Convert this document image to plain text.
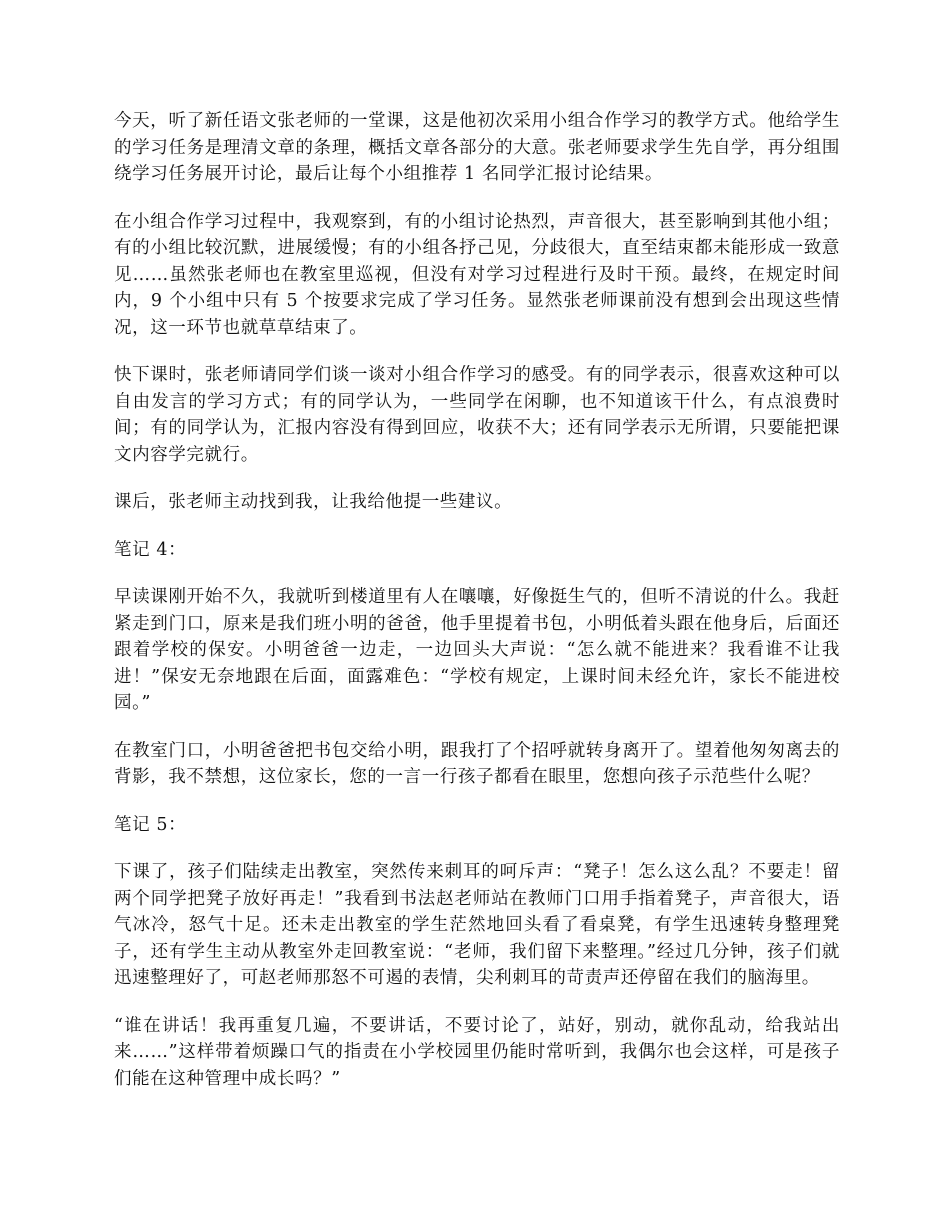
今天，听了新任语文张老师的一堂课，这是他初次采用小组合作学习的教学方式。他给学生的学习任务是理清文章的条理，概括文章各部分的大意。张老师要求学生先自学，再分组围绕学习任务展开讨论，最后让每个小组推荐 1 名同学汇报讨论结果。

在小组合作学习过程中，我观察到，有的小组讨论热烈，声音很大，甚至影响到其他小组；有的小组比较沉默，进展缓慢；有的小组各抒己见，分歧很大，直至结束都未能形成一致意见……虽然张老师也在教室里巡视，但没有对学习过程进行及时干预。最终，在规定时间内，9 个小组中只有 5 个按要求完成了学习任务。显然张老师课前没有想到会出现这些情况，这一环节也就草草结束了。

快下课时，张老师请同学们谈一谈对小组合作学习的感受。有的同学表示，很喜欢这种可以自由发言的学习方式；有的同学认为，一些同学在闲聊，也不知道该干什么，有点浪费时间；有的同学认为，汇报内容没有得到回应，收获不大；还有同学表示无所谓，只要能把课文内容学完就行。

课后，张老师主动找到我，让我给他提一些建议。

笔记 4：

早读课刚开始不久，我就听到楼道里有人在嚷嚷，好像挺生气的，但听不清说的什么。我赶紧走到门口，原来是我们班小明的爸爸，他手里提着书包，小明低着头跟在他身后，后面还跟着学校的保安。小明爸爸一边走，一边回头大声说：“怎么就不能进来？我看谁不让我进！”保安无奈地跟在后面，面露难色：“学校有规定，上课时间未经允许，家长不能进校园。”

在教室门口，小明爸爸把书包交给小明，跟我打了个招呼就转身离开了。望着他匆匆离去的背影，我不禁想，这位家长，您的一言一行孩子都看在眼里，您想向孩子示范些什么呢？

笔记 5：

下课了，孩子们陆续走出教室，突然传来刺耳的呵斥声：“凳子！怎么这么乱？不要走！留两个同学把凳子放好再走！”我看到书法赵老师站在教师门口用手指着凳子，声音很大，语气冰冷，怒气十足。还未走出教室的学生茫然地回头看了看桌凳，有学生迅速转身整理凳子，还有学生主动从教室外走回教室说：“老师，我们留下来整理。”经过几分钟，孩子们就迅速整理好了，可赵老师那怒不可遏的表情，尖利刺耳的苛责声还停留在我们的脑海里。

“谁在讲话！我再重复几遍，不要讲话，不要讨论了，站好，别动，就你乱动，给我站出来……”这样带着烦躁口气的指责在小学校园里仍能时常听到，我偶尔也会这样，可是孩子们能在这种管理中成长吗？”
